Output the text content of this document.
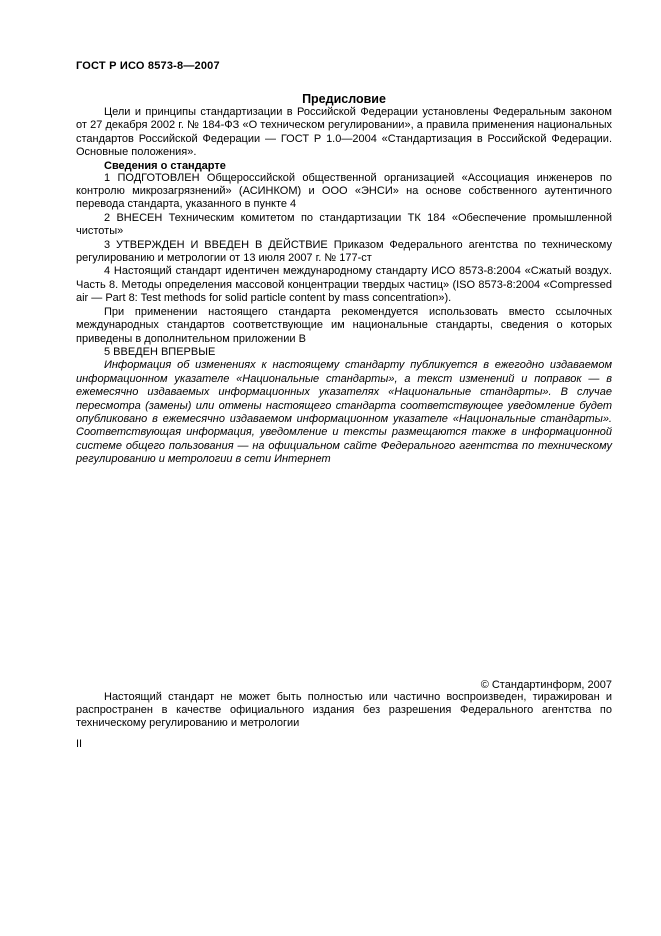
ГОСТ Р ИСО 8573-8—2007
Предисловие

Цели и принципы стандартизации в Российской Федерации установлены Федеральным законом от 27 декабря 2002 г. № 184-ФЗ «О техническом регулировании», а правила применения национальных стандартов Российской Федерации — ГОСТ Р 1.0—2004 «Стандартизация в Российской Федерации. Основные положения».

Сведения о стандарте

1 ПОДГОТОВЛЕН Общероссийской общественной организацией «Ассоциация инженеров по контролю микрозагрязнений» (АСИНКОМ) и ООО «ЭНСИ» на основе собственного аутентичного перевода стандарта, указанного в пункте 4

2 ВНЕСЕН Техническим комитетом по стандартизации ТК 184 «Обеспечение промышленной чистоты»

3 УТВЕРЖДЕН И ВВЕДЕН В ДЕЙСТВИЕ Приказом Федерального агентства по техническому регулированию и метрологии от 13 июля 2007 г. № 177-ст

4 Настоящий стандарт идентичен международному стандарту ИСО 8573-8:2004 «Сжатый воздух. Часть 8. Методы определения массовой концентрации твердых частиц» (ISO 8573-8:2004 «Compressed air — Part 8: Test methods for solid particle content by mass concentration»).

При применении настоящего стандарта рекомендуется использовать вместо ссылочных международных стандартов соответствующие им национальные стандарты, сведения о которых приведены в дополнительном приложении В

5 ВВЕДЕН ВПЕРВЫЕ

Информация об изменениях к настоящему стандарту публикуется в ежегодно издаваемом информационном указателе «Национальные стандарты», а текст изменений и поправок — в ежемесячно издаваемых информационных указателях «Национальные стандарты». В случае пересмотра (замены) или отмены настоящего стандарта соответствующее уведомление будет опубликовано в ежемесячно издаваемом информационном указателе «Национальные стандарты». Соответствующая информация, уведомление и тексты размещаются также в информационной системе общего пользования — на официальном сайте Федерального агентства по техническому регулированию и метрологии в сети Интернет

© Стандартинформ, 2007

Настоящий стандарт не может быть полностью или частично воспроизведен, тиражирован и распространен в качестве официального издания без разрешения Федерального агентства по техническому регулированию и метрологии

II
